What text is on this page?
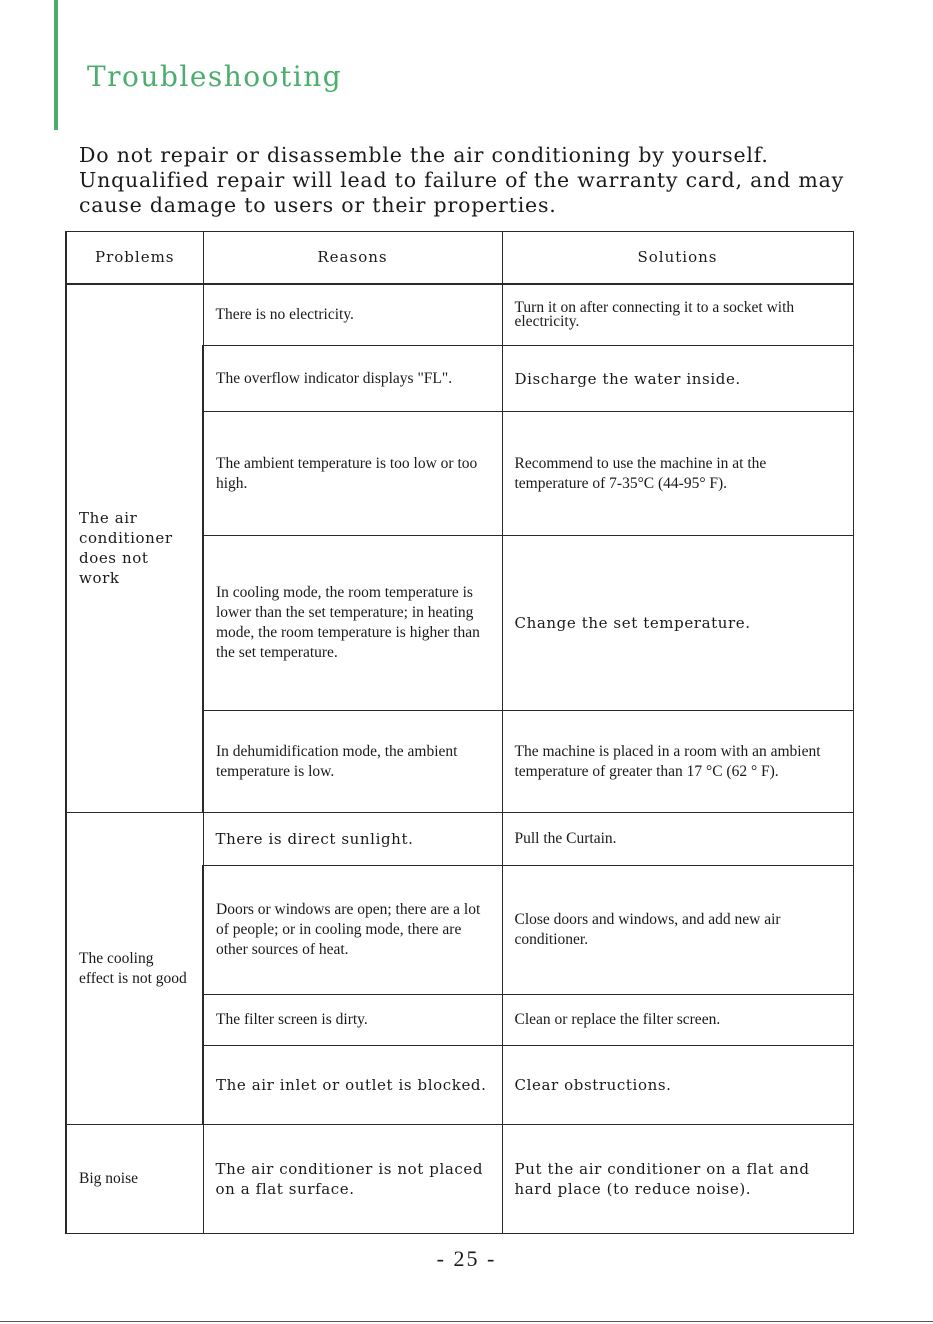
Troubleshooting

Do not repair or disassemble the air conditioning by yourself. Unqualified repair will lead to failure of the warranty card, and may cause damage to users or their properties.

Problems	Reasons	Solutions
The air conditioner does not work	There is no electricity.	Turn it on after connecting it to a socket with electricity.
	The overflow indicator displays "FL".	Discharge the water inside.
	The ambient temperature is too low or too high.	Recommend to use the machine in at the temperature of 7-35°C (44-95° F).
	In cooling mode, the room temperature is lower than the set temperature; in heating mode, the room temperature is higher than the set temperature.	Change the set temperature.
	In dehumidification mode, the ambient temperature is low.	The machine is placed in a room with an ambient temperature of greater than 17 °C (62 ° F).
The cooling effect is not good	There is direct sunlight.	Pull the Curtain.
	Doors or windows are open; there are a lot of people; or in cooling mode, there are other sources of heat.	Close doors and windows, and add new air conditioner.
	The filter screen is dirty.	Clean or replace the filter screen.
	The air inlet or outlet is blocked.	Clear obstructions.
Big noise	The air conditioner is not placed on a flat surface.	Put the air conditioner on a flat and hard place (to reduce noise).

- 25 -
